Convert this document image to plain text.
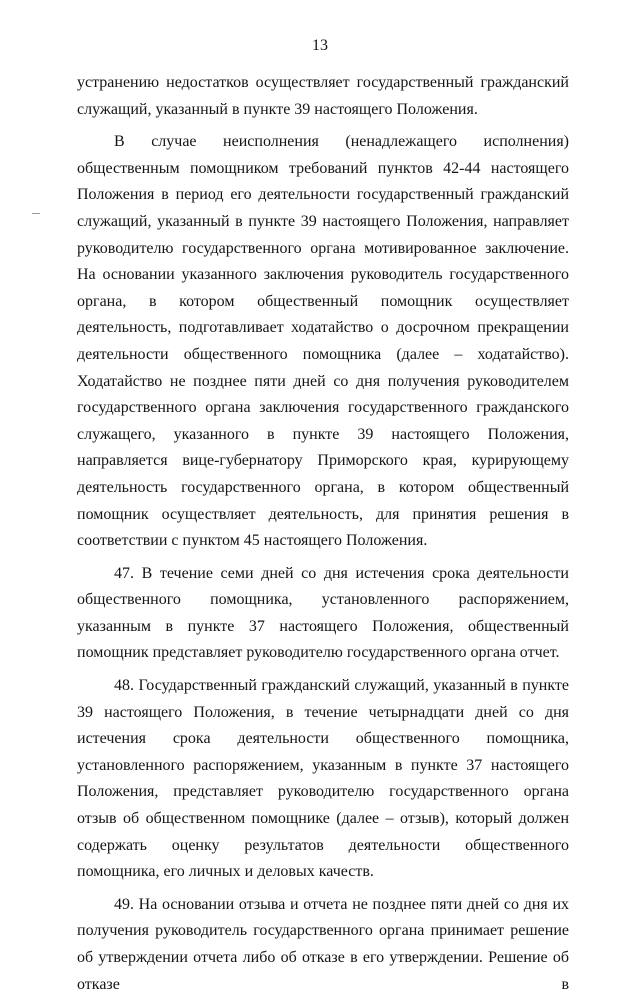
13

устранению недостатков осуществляет государственный гражданский служащий, указанный в пункте 39 настоящего Положения.

В случае неисполнения (ненадлежащего исполнения) общественным помощником требований пунктов 42-44 настоящего Положения в период его деятельности государственный гражданский служащий, указанный в пункте 39 настоящего Положения, направляет руководителю государственного органа мотивированное заключение. На основании указанного заключения руководитель государственного органа, в котором общественный помощник осуществляет деятельность, подготавливает ходатайство о досрочном прекращении деятельности общественного помощника (далее – ходатайство). Ходатайство не позднее пяти дней со дня получения руководителем государственного органа заключения государственного гражданского служащего, указанного в пункте 39 настоящего Положения, направляется вице-губернатору Приморского края, курирующему деятельность государственного органа, в котором общественный помощник осуществляет деятельность, для принятия решения в соответствии с пунктом 45 настоящего Положения.

47. В течение семи дней со дня истечения срока деятельности общественного помощника, установленного распоряжением, указанным в пункте 37 настоящего Положения, общественный помощник представляет руководителю государственного органа отчет.

48. Государственный гражданский служащий, указанный в пункте 39 настоящего Положения, в течение четырнадцати дней со дня истечения срока деятельности общественного помощника, установленного распоряжением, указанным в пункте 37 настоящего Положения, представляет руководителю государственного органа отзыв об общественном помощнике (далее – отзыв), который должен содержать оценку результатов деятельности общественного помощника, его личных и деловых качеств.

49. На основании отзыва и отчета не позднее пяти дней со дня их получения руководитель государственного органа принимает решение об утверждении отчета либо об отказе в его утверждении. Решение об отказе в
